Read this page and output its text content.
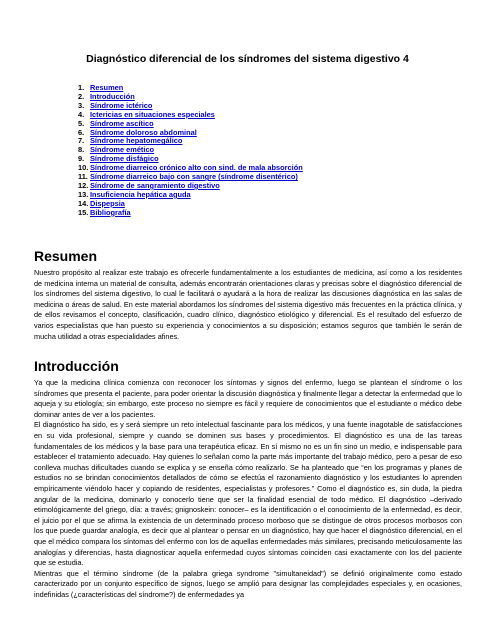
Diagnóstico diferencial de los síndromes del sistema digestivo 4
1. Resumen
2. Introducción
3. Síndrome ictérico
4. Ictericias en situaciones especiales
5. Síndrome ascítico
6. Síndrome doloroso abdominal
7. Síndrome hepatomegálico
8. Síndrome emético
9. Síndrome disfágico
10. Síndrome diarreico crónico alto con sind. de mala absorción
11. Síndrome diarreico bajo con sangre (síndrome disentérico)
12. Síndrome de sangramiento digestivo
13. Insuficiencia hepática aguda
14. Dispepsia
15. Bibliografía
Resumen

Nuestro propósito al realizar este trabajo es ofrecerle fundamentalmente a los estudiantes de medicina, así como a los residentes de medicina interna un material de consulta, además encontrarán orientaciones claras y precisas sobre el diagnóstico diferencial de los síndromes del sistema digestivo, lo cual le facilitará o ayudará a la hora de realizar las discusiones diagnóstica en las salas de medicina o áreas de salud. En este material abordamos los síndromes del sistema digestivo más frecuentes en la práctica clínica, y de ellos revisamos el concepto, clasificación, cuadro clínico, diagnóstico etiológico y diferencial. Es el resultado del esfuerzo de varios especialistas que han puesto su experiencia y conocimientos a su disposición; estamos seguros que también le serán de mucha utilidad a otras especialidades afines.

Introducción

Ya que la medicina clínica comienza con reconocer los síntomas y signos del enfermo, luego se plantean el síndrome o los síndromes que presenta el paciente, para poder orientar la discusión diagnóstica y finalmente llegar a detectar la enfermedad que lo aqueja y su etiología; sin embargo, este proceso no siempre es fácil y requiere de conocimientos que el estudiante o médico debe dominar antes de ver a los pacientes.

El diagnóstico ha sido, es y será siempre un reto intelectual fascinante para los médicos, y una fuente inagotable de satisfacciones en su vida profesional, siempre y cuando se dominen sus bases y procedimientos. El diagnóstico es una de las tareas fundamentales de los médicos y la base para una terapéutica eficaz. En sí mismo no es un fin sino un medio, e indispensable para establecer el tratamiento adecuado. Hay quienes lo señalan como la parte más importante del trabajo médico, pero a pesar de eso conlleva muchas dificultades cuando se explica y se enseña cómo realizarlo. Se ha planteado que “en los programas y planes de estudios no se brindan conocimientos detallados de cómo se efectúa el razonamiento diagnóstico y los estudiantes lo aprenden empíricamente viéndolo hacer y copiando de residentes, especialistas y profesores.” Como el diagnóstico es, sin duda, la piedra angular de la medicina, dominarlo y conocerlo tiene que ser la finalidad esencial de todo médico. El diagnóstico –derivado etimológicamente del griego, día: a través; gnignoskein: conocer– es la identificación o el conocimiento de la enfermedad, es decir, el juicio por el que se afirma la existencia de un determinado proceso morboso que se distingue de otros procesos morbosos con los que puede guardar analogía, es decir que al plantear o pensar en un diagnóstico, hay que hacer el diagnóstico diferencial, en el que el médico compara los síntomas del enfermo con los de aquellas enfermedades más similares, precisando meticulosamente las analogías y diferencias, hasta diagnosticar aquella enfermedad cuyos síntomas coinciden casi exactamente con los del paciente que se estudia.

Mientras que el término síndrome (de la palabra griega syndrome "simultaneidad") se definió originalmente como estado caracterizado por un conjunto específico de signos, luego se amplió para designar las complejidades especiales y, en ocasiones, indefinidas (¿características del síndrome?) de enfermedades ya
